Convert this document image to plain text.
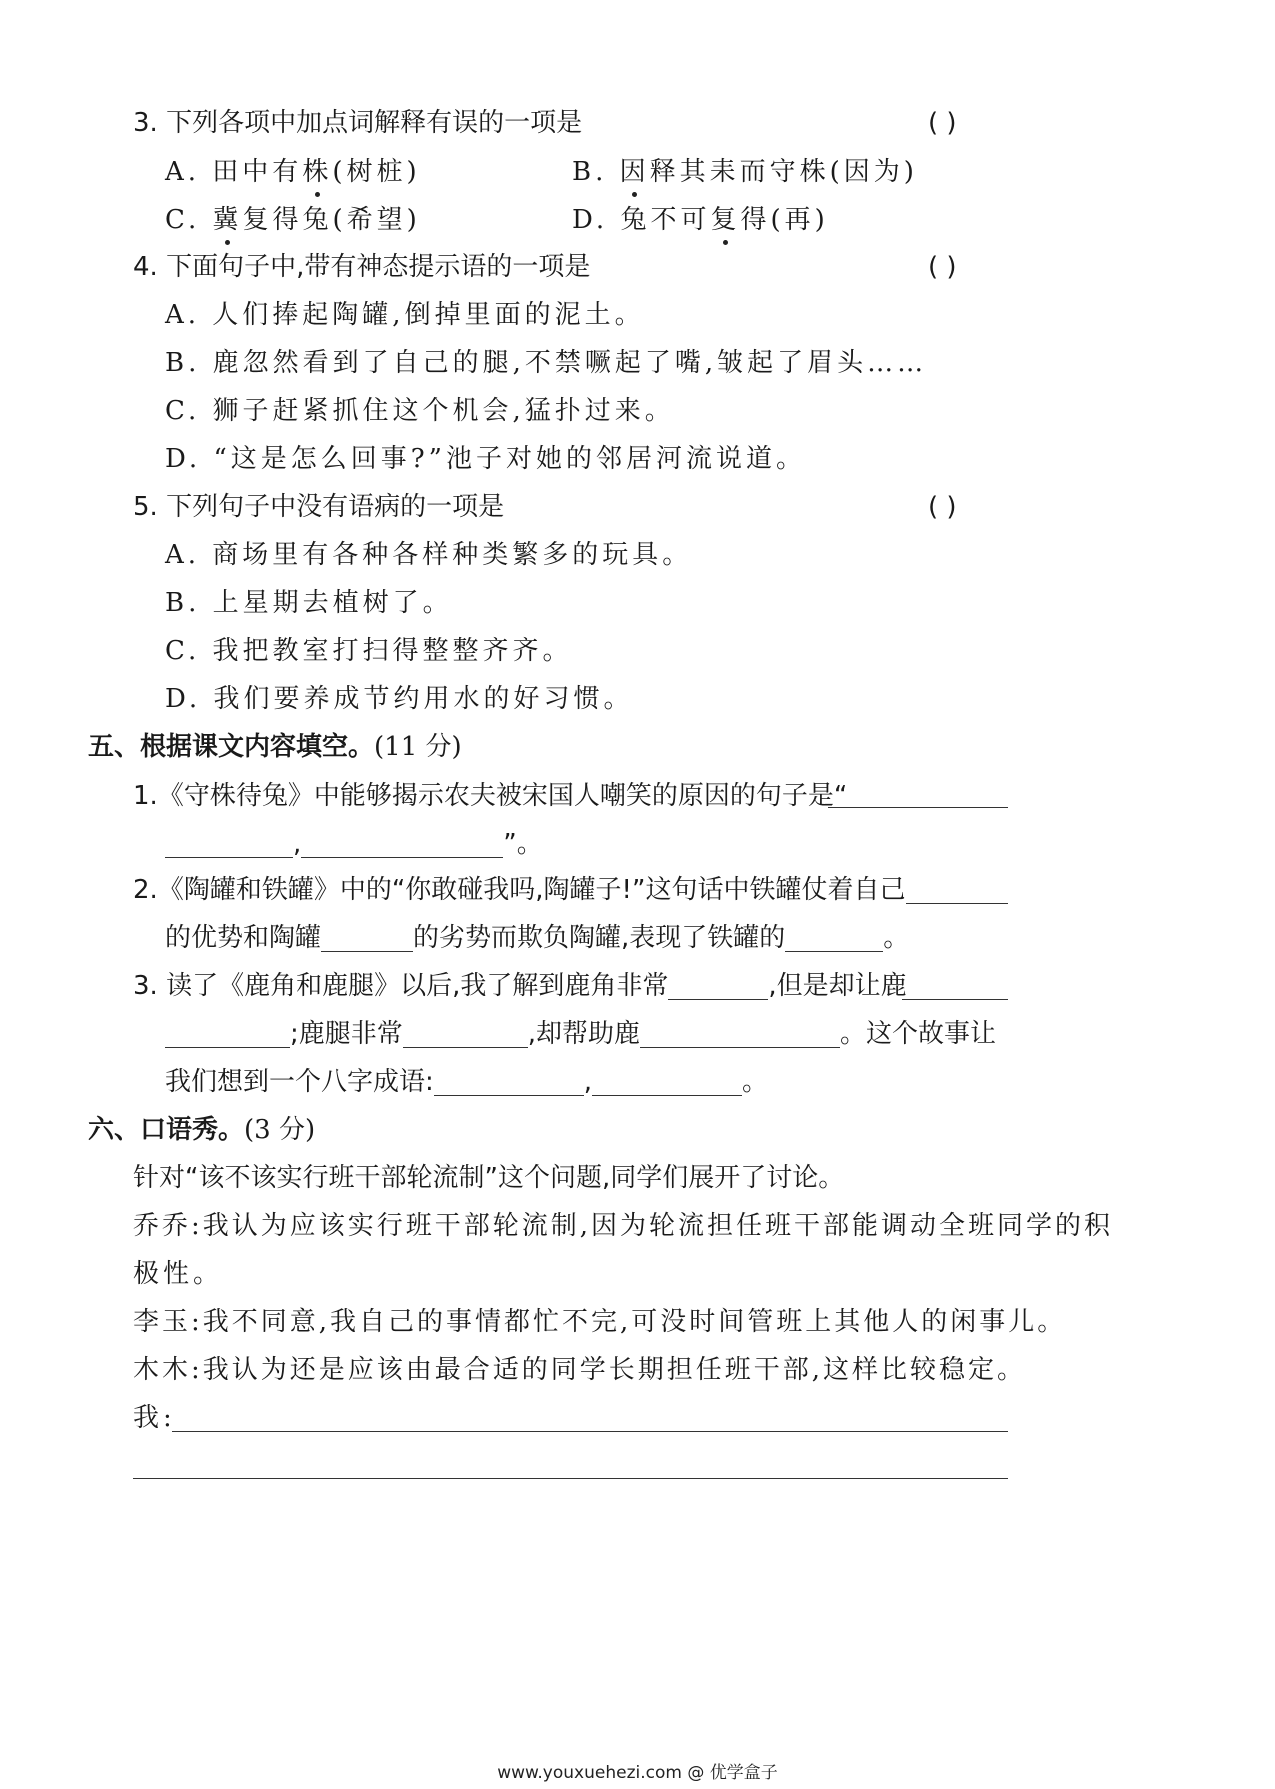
3. 下列各项中加点词解释有误的一项是	( )
A. 田中有株(树桩)	B. 因释其耒而守株(因为)
C. 冀复得兔(希望)	D. 兔不可复得(再)
4. 下面句子中,带有神态提示语的一项是	( )
A. 人们捧起陶罐,倒掉里面的泥土。
B. 鹿忽然看到了自己的腿,不禁噘起了嘴,皱起了眉头……
C. 狮子赶紧抓住这个机会,猛扑过来。
D. “这是怎么回事?”池子对她的邻居河流说道。
5. 下列句子中没有语病的一项是	( )
A. 商场里有各种各样种类繁多的玩具。
B. 上星期去植树了。
C. 我把教室打扫得整整齐齐。
D. 我们要养成节约用水的好习惯。
五、根据课文内容填空。(11 分)
1.《守株待兔》中能够揭示农夫被宋国人嘲笑的原因的句子是“
,	”。
2.《陶罐和铁罐》中的“你敢碰我吗,陶罐子!”这句话中铁罐仗着自己
的优势和陶罐	的劣势而欺负陶罐,表现了铁罐的	。
3. 读了《鹿角和鹿腿》以后,我了解到鹿角非常	,但是却让鹿
;鹿腿非常	,却帮助鹿	。这个故事让
我们想到一个八字成语:	,	。
六、口语秀。(3 分)
针对“该不该实行班干部轮流制”这个问题,同学们展开了讨论。
乔乔:我认为应该实行班干部轮流制,因为轮流担任班干部能调动全班同学的积
极性。
李玉:我不同意,我自己的事情都忙不完,可没时间管班上其他人的闲事儿。
木木:我认为还是应该由最合适的同学长期担任班干部,这样比较稳定。
我:
www.youxuehezi.com @ 优学盒子
